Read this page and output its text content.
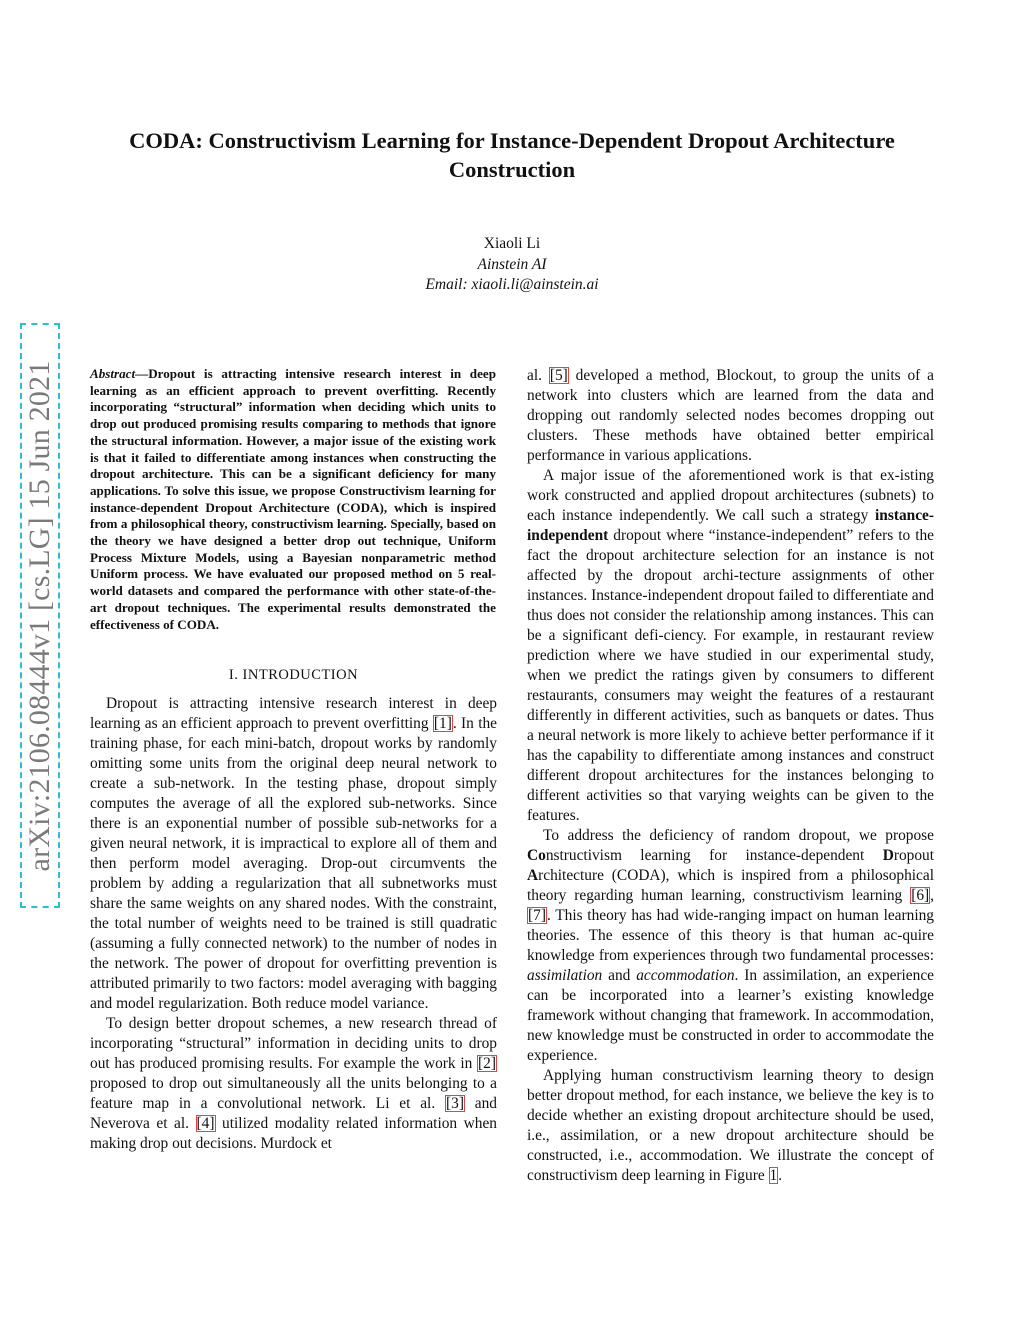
arXiv:2106.08444v1 [cs.LG] 15 Jun 2021
CODA: Constructivism Learning for Instance-Dependent Dropout Architecture Construction
Xiaoli Li
Ainstein AI
Email: xiaoli.li@ainstein.ai

Abstract—Dropout is attracting intensive research interest in deep learning as an efficient approach to prevent overfitting. Recently incorporating “structural” information when deciding which units to drop out produced promising results comparing to methods that ignore the structural information. However, a major issue of the existing work is that it failed to differentiate among instances when constructing the dropout architecture. This can be a significant deficiency for many applications. To solve this issue, we propose Constructivism learning for instance-dependent Dropout Architecture (CODA), which is inspired from a philosophical theory, constructivism learning. Specially, based on the theory we have designed a better drop out technique, Uniform Process Mixture Models, using a Bayesian nonparametric method Uniform process. We have evaluated our proposed method on 5 real-world datasets and compared the performance with other state-of-the-art dropout techniques. The experimental results demonstrated the effectiveness of CODA.

I. INTRODUCTION

Dropout is attracting intensive research interest in deep learning as an efficient approach to prevent overfitting [1]. In the training phase, for each mini-batch, dropout works by randomly omitting some units from the original deep neural network to create a sub-network. In the testing phase, dropout simply computes the average of all the explored sub-networks. Since there is an exponential number of possible sub-networks for a given neural network, it is impractical to explore all of them and then perform model averaging. Drop-out circumvents the problem by adding a regularization that all subnetworks must share the same weights on any shared nodes. With the constraint, the total number of weights need to be trained is still quadratic (assuming a fully connected network) to the number of nodes in the network. The power of dropout for overfitting prevention is attributed primarily to two factors: model averaging with bagging and model regularization. Both reduce model variance.

To design better dropout schemes, a new research thread of incorporating “structural” information in deciding units to drop out has produced promising results. For example the work in [2] proposed to drop out simultaneously all the units belonging to a feature map in a convolutional network. Li et al. [3] and Neverova et al. [4] utilized modality related information when making drop out decisions. Murdock et

al. [5] developed a method, Blockout, to group the units of a network into clusters which are learned from the data and dropping out randomly selected nodes becomes dropping out clusters. These methods have obtained better empirical performance in various applications.

A major issue of the aforementioned work is that ex-isting work constructed and applied dropout architectures (subnets) to each instance independently. We call such a strategy instance-independent dropout where “instance-independent” refers to the fact the dropout architecture selection for an instance is not affected by the dropout archi-tecture assignments of other instances. Instance-independent dropout failed to differentiate and thus does not consider the relationship among instances. This can be a significant defi-ciency. For example, in restaurant review prediction where we have studied in our experimental study, when we predict the ratings given by consumers to different restaurants, consumers may weight the features of a restaurant differently in different activities, such as banquets or dates. Thus a neural network is more likely to achieve better performance if it has the capability to differentiate among instances and construct different dropout architectures for the instances belonging to different activities so that varying weights can be given to the features.

To address the deficiency of random dropout, we propose Constructivism learning for instance-dependent Dropout Architecture (CODA), which is inspired from a philosophical theory regarding human learning, constructivism learning [6], [7]. This theory has had wide-ranging impact on human learning theories. The essence of this theory is that human ac-quire knowledge from experiences through two fundamental processes: assimilation and accommodation. In assimilation, an experience can be incorporated into a learner’s existing knowledge framework without changing that framework. In accommodation, new knowledge must be constructed in order to accommodate the experience.

Applying human constructivism learning theory to design better dropout method, for each instance, we believe the key is to decide whether an existing dropout architecture should be used, i.e., assimilation, or a new dropout architecture should be constructed, i.e., accommodation. We illustrate the concept of constructivism deep learning in Figure 1.
